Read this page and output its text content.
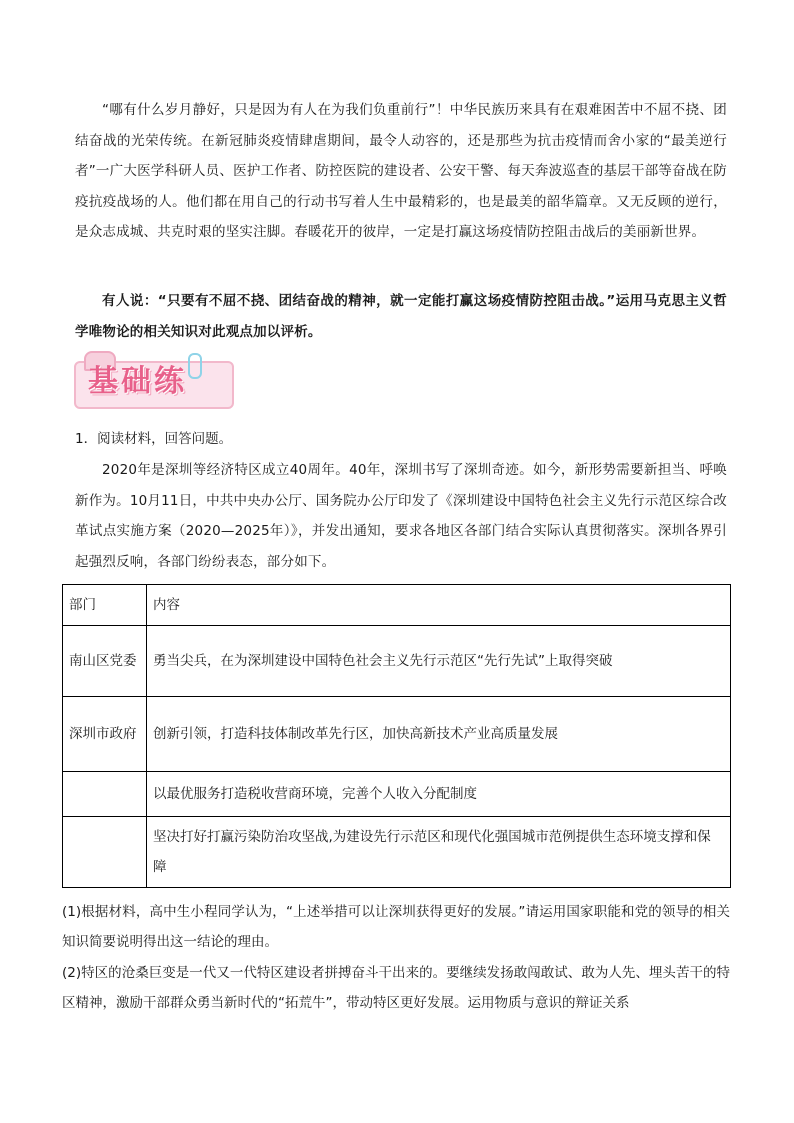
“哪有什么岁月静好，只是因为有人在为我们负重前行”！中华民族历来具有在艰难困苦中不屈不挠、团结奋战的光荣传统。在新冠肺炎疫情肆虐期间，最令人动容的，还是那些为抗击疫情而舍小家的“最美逆行者”一广大医学科研人员、医护工作者、防控医院的建设者、公安干警、每天奔波巡查的基层干部等奋战在防疫抗疫战场的人。他们都在用自己的行动书写着人生中最精彩的，也是最美的韶华篇章。又无反顾的逆行，是众志成城、共克时艰的坚实注脚。春暖花开的彼岸，一定是打赢这场疫情防控阻击战后的美丽新世界。

有人说：“只要有不屈不挠、团结奋战的精神，就一定能打赢这场疫情防控阻击战。”运用马克思主义哲学唯物论的相关知识对此观点加以评析。

基础练

1．阅读材料，回答问题。

2020年是深圳等经济特区成立40周年。40年，深圳书写了深圳奇迹。如今，新形势需要新担当、呼唤新作为。10月11日，中共中央办公厅、国务院办公厅印发了《深圳建设中国特色社会主义先行示范区综合改革试点实施方案（2020—2025年）》，并发出通知，要求各地区各部门结合实际认真贯彻落实。深圳各界引起强烈反响，各部门纷纷表态，部分如下。

部门	内容
南山区党委	勇当尖兵，在为深圳建设中国特色社会主义先行示范区“先行先试”上取得突破
深圳市政府	创新引领，打造科技体制改革先行区，加快高新技术产业高质量发展
	以最优服务打造税收营商环境，完善个人收入分配制度
	坚决打好打赢污染防治攻坚战,为建设先行示范区和现代化强国城市范例提供生态环境支撑和保障

(1)根据材料，高中生小程同学认为，“上述举措可以让深圳获得更好的发展。”请运用国家职能和党的领导的相关知识简要说明得出这一结论的理由。

(2)特区的沧桑巨变是一代又一代特区建设者拼搏奋斗干出来的。要继续发扬敢闯敢试、敢为人先、埋头苦干的特区精神，激励干部群众勇当新时代的“拓荒牛”，带动特区更好发展。运用物质与意识的辩证关系
